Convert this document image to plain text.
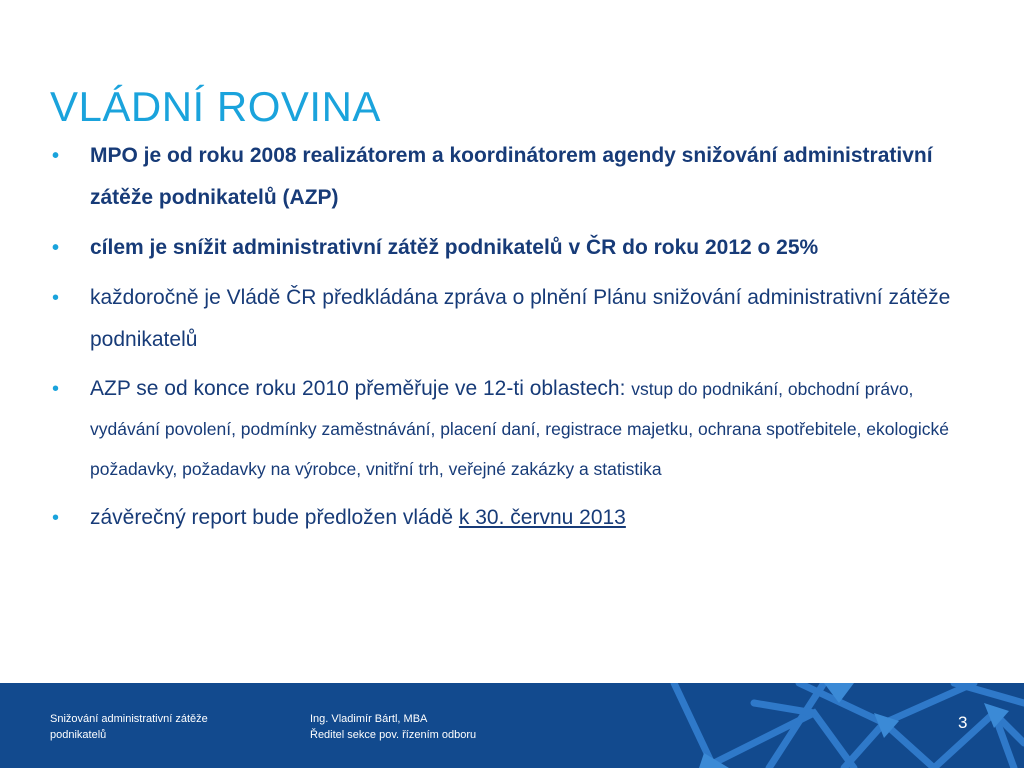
VLÁDNÍ ROVINA
• MPO je od roku 2008 realizátorem a koordinátorem agendy snižování administrativní zátěže podnikatelů (AZP)
• cílem je snížit administrativní zátěž podnikatelů v ČR do roku 2012 o 25%
• každoročně je Vládě ČR předkládána zpráva o plnění Plánu snižování administrativní zátěže podnikatelů
• AZP se od konce roku 2010 přeměřuje ve 12-ti oblastech: vstup do podnikání, obchodní právo, vydávání povolení, podmínky zaměstnávání, placení daní, registrace majetku, ochrana spotřebitele, ekologické požadavky, požadavky na výrobce, vnitřní trh, veřejné zakázky a statistika
• závěrečný report bude předložen vládě k 30. červnu 2013
Snižování administrativní zátěže
podnikatelů
Ing. Vladimír Bártl, MBA
Ředitel sekce pov. řízením odboru
3
